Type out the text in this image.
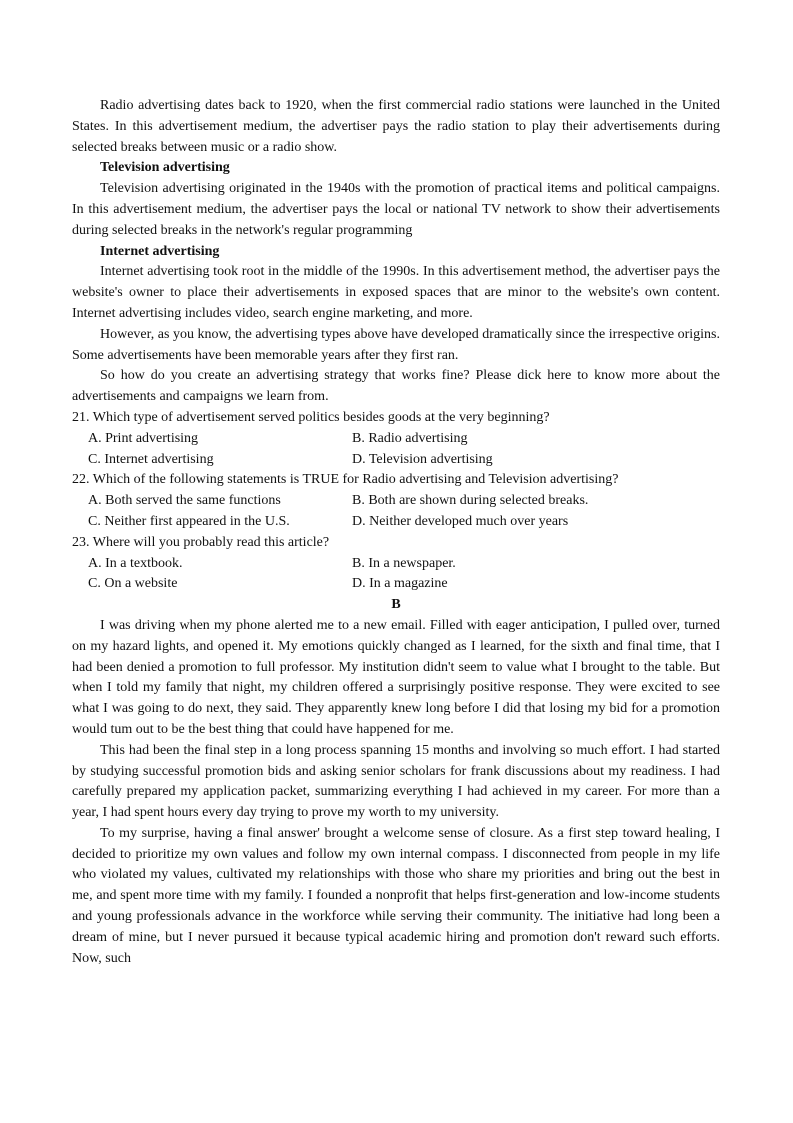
Radio advertising dates back to 1920, when the first commercial radio stations were launched in the United States. In this advertisement medium, the advertiser pays the radio station to play their advertisements during selected breaks between music or a radio show.

Television advertising

Television advertising originated in the 1940s with the promotion of practical items and political campaigns. In this advertisement medium, the advertiser pays the local or national TV network to show their advertisements during selected breaks in the network's regular programming

Internet advertising

Internet advertising took root in the middle of the 1990s. In this advertisement method, the advertiser pays the website's owner to place their advertisements in exposed spaces that are minor to the website's own content. Internet advertising includes video, search engine marketing, and more.

However, as you know, the advertising types above have developed dramatically since the irrespective origins. Some advertisements have been memorable years after they first ran.

So how do you create an advertising strategy that works fine? Please dick here to know more about the advertisements and campaigns we learn from.

21. Which type of advertisement served politics besides goods at the very beginning?

A. Print advertising	B. Radio advertising
C. Internet advertising	D. Television advertising

22. Which of the following statements is TRUE for Radio advertising and Television advertising?

A. Both served the same functions	B. Both are shown during selected breaks.
C. Neither first appeared in the U.S.	D. Neither developed much over years

23. Where will you probably read this article?

A. In a textbook.	B. In a newspaper.
C. On a website	D. In a magazine

B

I was driving when my phone alerted me to a new email. Filled with eager anticipation, I pulled over, turned on my hazard lights, and opened it. My emotions quickly changed as I learned, for the sixth and final time, that I had been denied a promotion to full professor. My institution didn't seem to value what I brought to the table. But when I told my family that night, my children offered a surprisingly positive response. They were excited to see what I was going to do next, they said. They apparently knew long before I did that losing my bid for a promotion would tum out to be the best thing that could have happened for me.

This had been the final step in a long process spanning 15 months and involving so much effort. I had started by studying successful promotion bids and asking senior scholars for frank discussions about my readiness. I had carefully prepared my application packet, summarizing everything I had achieved in my career. For more than a year, I had spent hours every day trying to prove my worth to my university.

To my surprise, having a final answer' brought a welcome sense of closure. As a first step toward healing, I decided to prioritize my own values and follow my own internal compass. I disconnected from people in my life who violated my values, cultivated my relationships with those who share my priorities and bring out the best in me, and spent more time with my family. I founded a nonprofit that helps first-generation and low-income students and young professionals advance in the workforce while serving their community. The initiative had long been a dream of mine, but I never pursued it because typical academic hiring and promotion don't reward such efforts. Now, such
